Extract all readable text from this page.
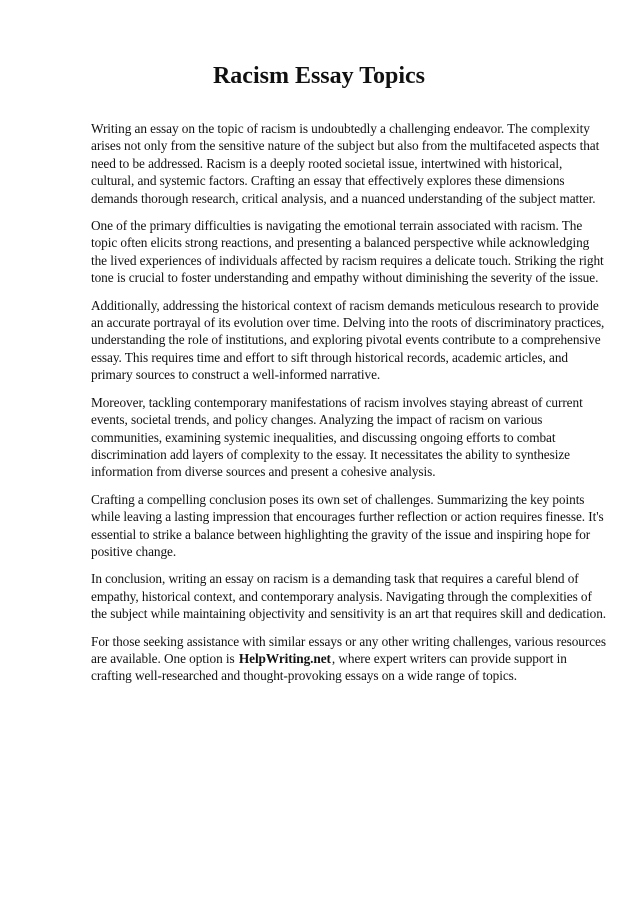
Racism Essay Topics

Writing an essay on the topic of racism is undoubtedly a challenging endeavor. The complexity arises not only from the sensitive nature of the subject but also from the multifaceted aspects that need to be addressed. Racism is a deeply rooted societal issue, intertwined with historical, cultural, and systemic factors. Crafting an essay that effectively explores these dimensions demands thorough research, critical analysis, and a nuanced understanding of the subject matter.

One of the primary difficulties is navigating the emotional terrain associated with racism. The topic often elicits strong reactions, and presenting a balanced perspective while acknowledging the lived experiences of individuals affected by racism requires a delicate touch. Striking the right tone is crucial to foster understanding and empathy without diminishing the severity of the issue.

Additionally, addressing the historical context of racism demands meticulous research to provide an accurate portrayal of its evolution over time. Delving into the roots of discriminatory practices, understanding the role of institutions, and exploring pivotal events contribute to a comprehensive essay. This requires time and effort to sift through historical records, academic articles, and primary sources to construct a well-informed narrative.

Moreover, tackling contemporary manifestations of racism involves staying abreast of current events, societal trends, and policy changes. Analyzing the impact of racism on various communities, examining systemic inequalities, and discussing ongoing efforts to combat discrimination add layers of complexity to the essay. It necessitates the ability to synthesize information from diverse sources and present a cohesive analysis.

Crafting a compelling conclusion poses its own set of challenges. Summarizing the key points while leaving a lasting impression that encourages further reflection or action requires finesse. It's essential to strike a balance between highlighting the gravity of the issue and inspiring hope for positive change.

In conclusion, writing an essay on racism is a demanding task that requires a careful blend of empathy, historical context, and contemporary analysis. Navigating through the complexities of the subject while maintaining objectivity and sensitivity is an art that requires skill and dedication.

For those seeking assistance with similar essays or any other writing challenges, various resources are available. One option is HelpWriting.net, where expert writers can provide support in crafting well-researched and thought-provoking essays on a wide range of topics.
